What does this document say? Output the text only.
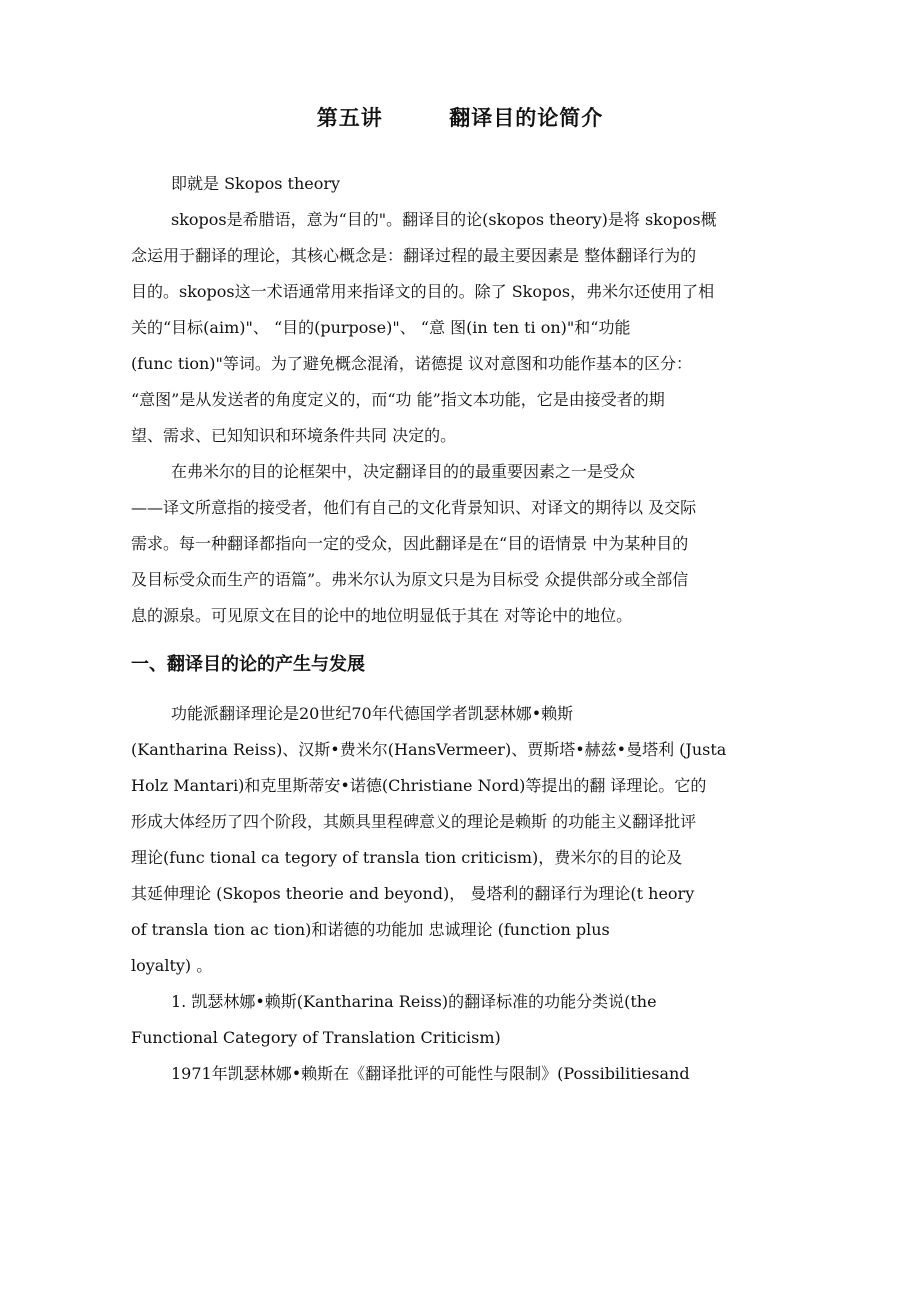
第五讲        翻译目的论简介
即就是 Skopos theory
skopos是希腊语，意为“目的"。翻译目的论(skopos theory)是将 skopos概
念运用于翻译的理论，其核心概念是：翻译过程的最主要因素是 整体翻译行为的
目的。skopos这一术语通常用来指译文的目的。除了 Skopos，弗米尔还使用了相
关的“目标(aim)"、 “目的(purpose)"、 “意 图(in ten ti on)"和“功能
(func tion)"等词。为了避免概念混淆，诺德提 议对意图和功能作基本的区分：
“意图”是从发送者的角度定义的，而“功 能”指文本功能，它是由接受者的期
望、需求、已知知识和环境条件共同 决定的。
在弗米尔的目的论框架中，决定翻译目的的最重要因素之一是受众
——译文所意指的接受者，他们有自己的文化背景知识、对译文的期待以 及交际
需求。每一种翻译都指向一定的受众，因此翻译是在“目的语情景 中为某种目的
及目标受众而生产的语篇”。弗米尔认为原文只是为目标受 众提供部分或全部信
息的源泉。可见原文在目的论中的地位明显低于其在 对等论中的地位。
一、翻译目的论的产生与发展
功能派翻译理论是20世纪70年代德国学者凯瑟林娜•赖斯
(Kantharina Reiss)、汉斯•费米尔(HansVermeer)、贾斯塔•赫兹•曼塔利 (Justa
Holz Mantari)和克里斯蒂安•诺德(Christiane Nord)等提出的翻 译理论。它的
形成大体经历了四个阶段，其颇具里程碑意义的理论是赖斯 的功能主义翻译批评
理论(func tional ca tegory of transla tion criticism)，费米尔的目的论及
其延伸理论 (Skopos theorie and beyond)， 曼塔利的翻译行为理论(t heory
of transla tion ac tion)和诺德的功能加 忠诚理论 (function plus
loyalty) 。
1. 凯瑟林娜•赖斯(Kantharina Reiss)的翻译标准的功能分类说(the
Functional Category of Translation Criticism)
1971年凯瑟林娜•赖斯在《翻译批评的可能性与限制》(Possibilitiesand
